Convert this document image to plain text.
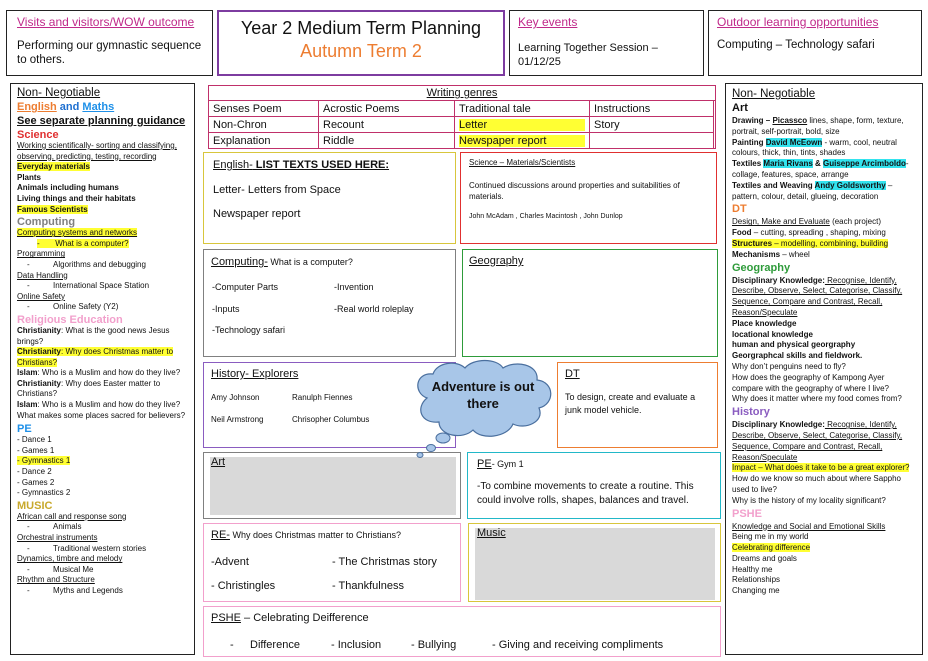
Visits and visitors/WOW outcome
Performing our gymnastic sequence to others.
Year 2 Medium Term Planning
Autumn Term 2
Key events
Learning Together Session – 01/12/25
Outdoor learning opportunities
Computing – Technology safari
Non- Negotiable
English and Maths
See separate planning guidance
Science
Working scientifically- sorting and classifying, observing, predicting, testing, recording
Everyday materials
Plants
Animals including humans
Living things and their habitats
Famous Scientists
Computing
Computing systems and networks
-       What is a computer?
Programming
- Algorithms and debugging
Data Handling
- International Space Station
Online Safety
- Online Safety (Y2)
Religious Education
Christianity: What is the good news Jesus brings?
Christianity: Why does Christmas matter to Christians?
Islam: Who is a Muslim and how do they live?
Christianity: Why does Easter matter to Christians?
Islam: Who is a Muslim and how do they live? What makes some places sacred for believers?
PE
- Dance 1
- Games 1
- Gymnastics 1
- Dance 2
- Games 2
- Gymnastics 2
MUSIC
African call and response song
- Animals
Orchestral instruments
- Traditional western stories
Dynamics, timbre and melody
- Musical Me
Rhythm and Structure
- Myths and Legends
Writing genres
Senses Poem	Acrostic Poems	Traditional tale	Instructions
Non-Chron	Recount	Letter	Story
Explanation	Riddle	Newspaper report	
English- LIST TEXTS USED HERE:
Letter- Letters from Space
Newspaper report
Science – Materials/Scientists
Continued discussions around properties and suitabilities of materials.
John McAdam , Charles Macintosh , John Dunlop
Computing- What is a computer?
-Computer Parts	-Invention
-Inputs	-Real world roleplay
-Technology safari
Geography
History- Explorers
Amy Johnson	Ranulph Fiennes
Neil Armstrong	Chrisopher Columbus
DT
To design, create and evaluate a junk model vehicle.
Adventure is out there
Art	PE- Gym 1
-To combine movements to create a routine. This could involve rolls, shapes, balances and travel.
RE- Why does Christmas matter to Christians?
-Advent	- The Christmas story
- Christingles	- Thankfulness
Music
PSHE – Celebrating Deifference
- Difference	- Inclusion	- Bullying	- Giving and receiving compliments
Non- Negotiable
Art
Drawing – Picassco lines, shape, form, texture, portrait, self-portrait, bold, size
Painting David McEown - warm, cool, neutral colours, thick, thin, tints, shades
Textiles Maria Rivans & Guiseppe Arcimboldo- collage, features, space, arrange
Textiles and Weaving Andy Goldsworthy – pattern, colour, detail, glueing, decoration
DT
Design, Make and Evaluate (each project)
Food – cutting, spreading , shaping, mixing
Structures – modelling, combining, building
Mechanisms – wheel
Geography
Disciplinary Knowledge: Recognise, Identify, Describe, Observe, Select, Categorise, Classify, Sequence, Compare and Contrast, Recall, Reason/Speculate
Place knowledge
locational knowledge
human and physical georgraphy
Georgraphcal skills and fieldwork.
Why don’t penguins need to fly?
How does the geography of Kampong Ayer compare with the geography of where I live?
Why does it matter where my food comes from?
History
Disciplinary Knowledge: Recognise, Identify, Describe, Observe, Select, Categorise, Classify, Sequence, Compare and Contrast, Recall, Reason/Speculate
Impact – What does it take to be a great explorer?
How do we know so much about where Sappho used to live?
Why is the history of my locality significant?
PSHE
Knowledge and Social and Emotional Skills
Being me in my world
Celebrating difference
Dreams and goals
Healthy me
Relationships
Changing me
